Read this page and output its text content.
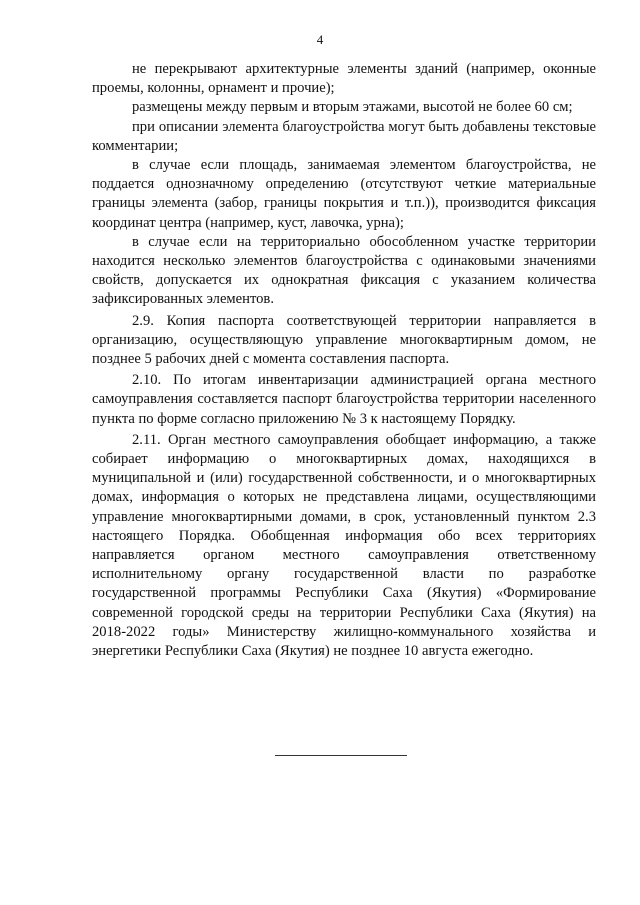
4

не перекрывают архитектурные элементы зданий (например, оконные проемы, колонны, орнамент и прочие);

размещены между первым и вторым этажами, высотой не более 60 см;

при описании элемента благоустройства могут быть добавлены текстовые комментарии;

в случае если площадь, занимаемая элементом благоустройства, не поддается однозначному определению (отсутствуют четкие материальные границы элемента (забор, границы покрытия и т.п.)), производится фиксация координат центра (например, куст, лавочка, урна);

в случае если на территориально обособленном участке территории находится несколько элементов благоустройства с одинаковыми значениями свойств, допускается их однократная фиксация с указанием количества зафиксированных элементов.

2.9. Копия паспорта соответствующей территории направляется в организацию, осуществляющую управление многоквартирным домом, не позднее 5 рабочих дней с момента составления паспорта.

2.10. По итогам инвентаризации администрацией органа местного самоуправления составляется паспорт благоустройства территории населенного пункта по форме согласно приложению № 3 к настоящему Порядку.

2.11. Орган местного самоуправления обобщает информацию, а также собирает информацию о многоквартирных домах, находящихся в муниципальной и (или) государственной собственности, и о многоквартирных домах, информация о которых не представлена лицами, осуществляющими управление многоквартирными домами, в срок, установленный пунктом 2.3 настоящего Порядка. Обобщенная информация обо всех территориях направляется органом местного самоуправления ответственному исполнительному органу государственной власти по разработке государственной программы Республики Саха (Якутия) «Формирование современной городской среды на территории Республики Саха (Якутия) на 2018-2022 годы» Министерству жилищно-коммунального хозяйства и энергетики Республики Саха (Якутия) не позднее 10 августа ежегодно.
